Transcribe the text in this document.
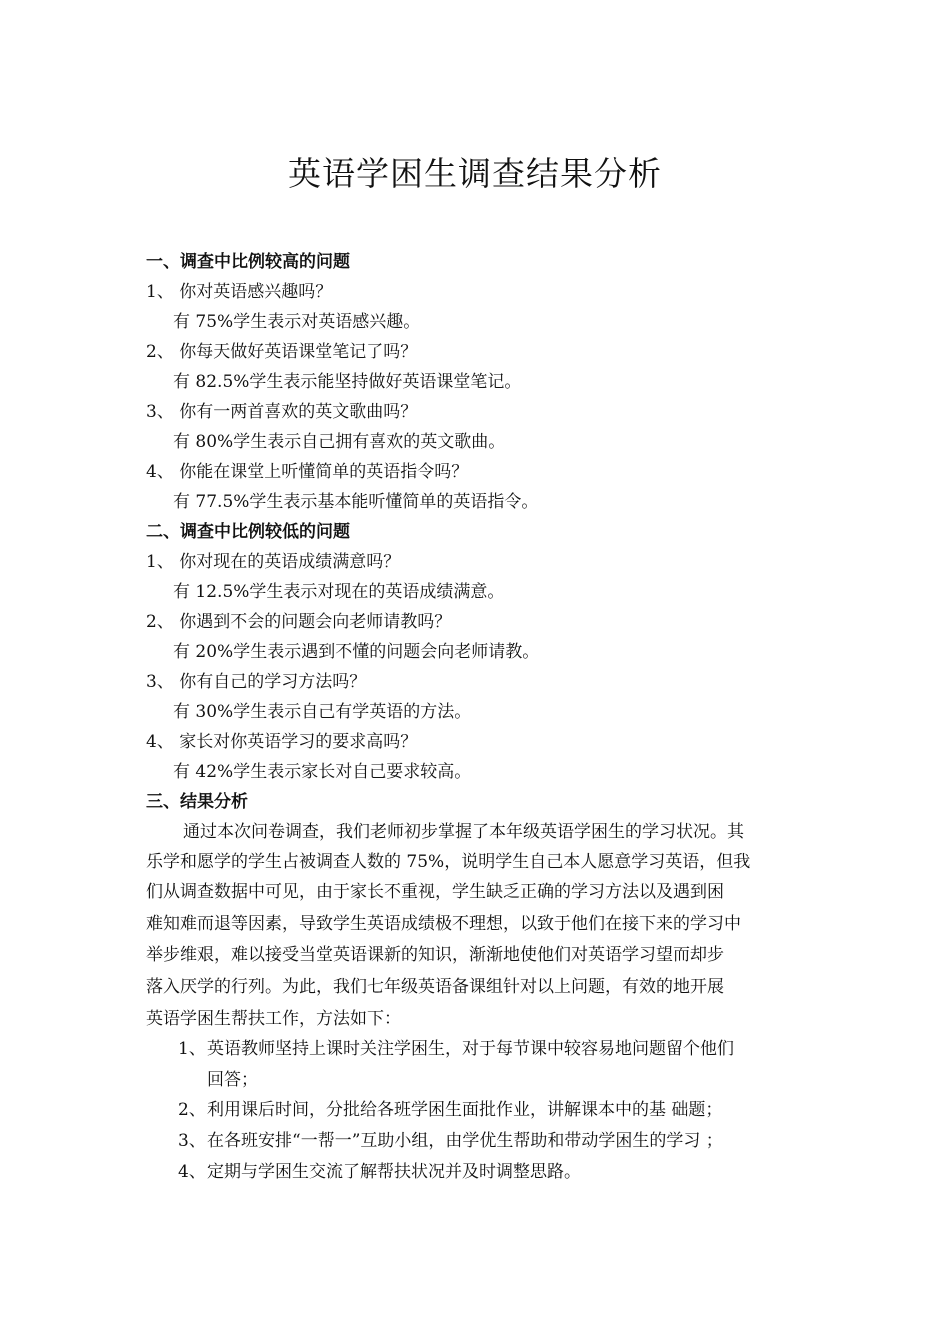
英语学困生调查结果分析
一、调查中比例较高的问题
1、 你对英语感兴趣吗？
有 75%学生表示对英语感兴趣。
2、 你每天做好英语课堂笔记了吗？
有 82.5%学生表示能坚持做好英语课堂笔记。
3、 你有一两首喜欢的英文歌曲吗？
有 80%学生表示自己拥有喜欢的英文歌曲。
4、 你能在课堂上听懂简单的英语指令吗？
有 77.5%学生表示基本能听懂简单的英语指令。
二、调查中比例较低的问题
1、 你对现在的英语成绩满意吗？
有 12.5%学生表示对现在的英语成绩满意。
2、 你遇到不会的问题会向老师请教吗？
有 20%学生表示遇到不懂的问题会向老师请教。
3、 你有自己的学习方法吗？
有 30%学生表示自己有学英语的方法。
4、 家长对你英语学习的要求高吗？
有 42%学生表示家长对自己要求较高。
三、结果分析
通过本次问卷调查，我们老师初步掌握了本年级英语学困生的学习状况。其
乐学和愿学的学生占被调查人数的 75%，说明学生自己本人愿意学习英语，但我
们从调查数据中可见，由于家长不重视，学生缺乏正确的学习方法以及遇到困
难知难而退等因素，导致学生英语成绩极不理想，以致于他们在接下来的学习中
举步维艰，难以接受当堂英语课新的知识，渐渐地使他们对英语学习望而却步
落入厌学的行列。为此，我们七年级英语备课组针对以上问题，有效的地开展
英语学困生帮扶工作，方法如下：
1、 英语教师坚持上课时关注学困生，对于每节课中较容易地问题留个他们
回答；
2、 利用课后时间，分批给各班学困生面批作业，讲解课本中的基 础题；
3、 在各班安排“一帮一”互助小组，由学优生帮助和带动学困生的学习 ；
4、 定期与学困生交流了解帮扶状况并及时调整思路。
